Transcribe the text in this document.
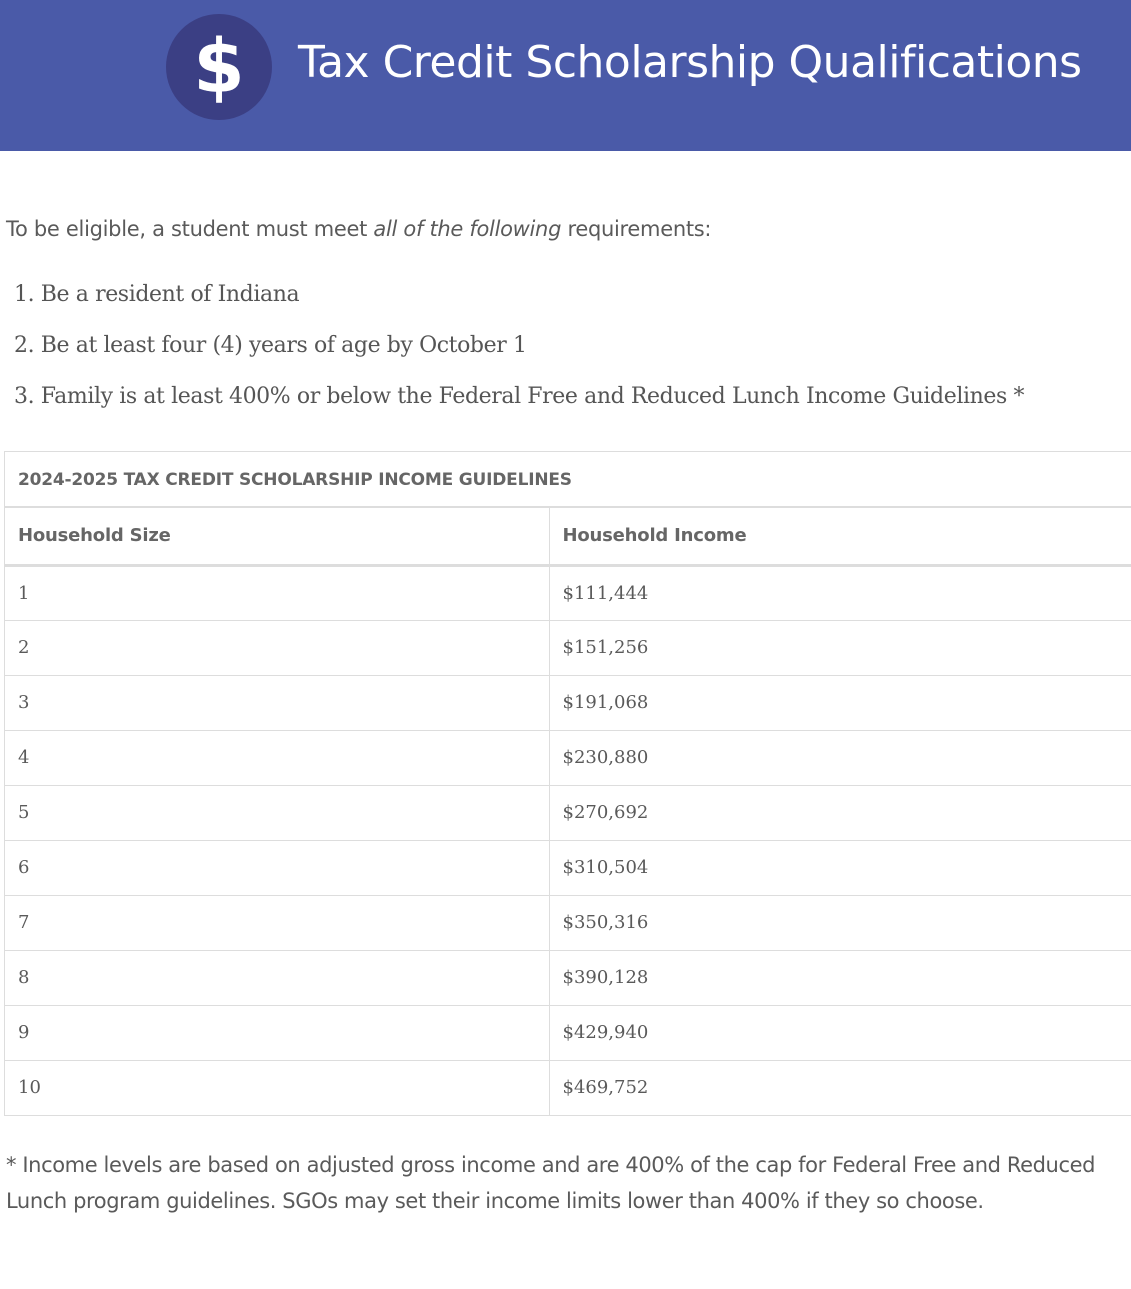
$	Tax Credit Scholarship Qualifications
To be eligible, a student must meet all of the following requirements:
1. Be a resident of Indiana
2. Be at least four (4) years of age by October 1
3. Family is at least 400% or below the Federal Free and Reduced Lunch Income Guidelines *
2024-2025 TAX CREDIT SCHOLARSHIP INCOME GUIDELINES
Household Size	Household Income
1	$111,444
2	$151,256
3	$191,068
4	$230,880
5	$270,692
6	$310,504
7	$350,316
8	$390,128
9	$429,940
10	$469,752
* Income levels are based on adjusted gross income and are 400% of the cap for Federal Free and Reduced Lunch program guidelines. SGOs may set their income limits lower than 400% if they so choose.
